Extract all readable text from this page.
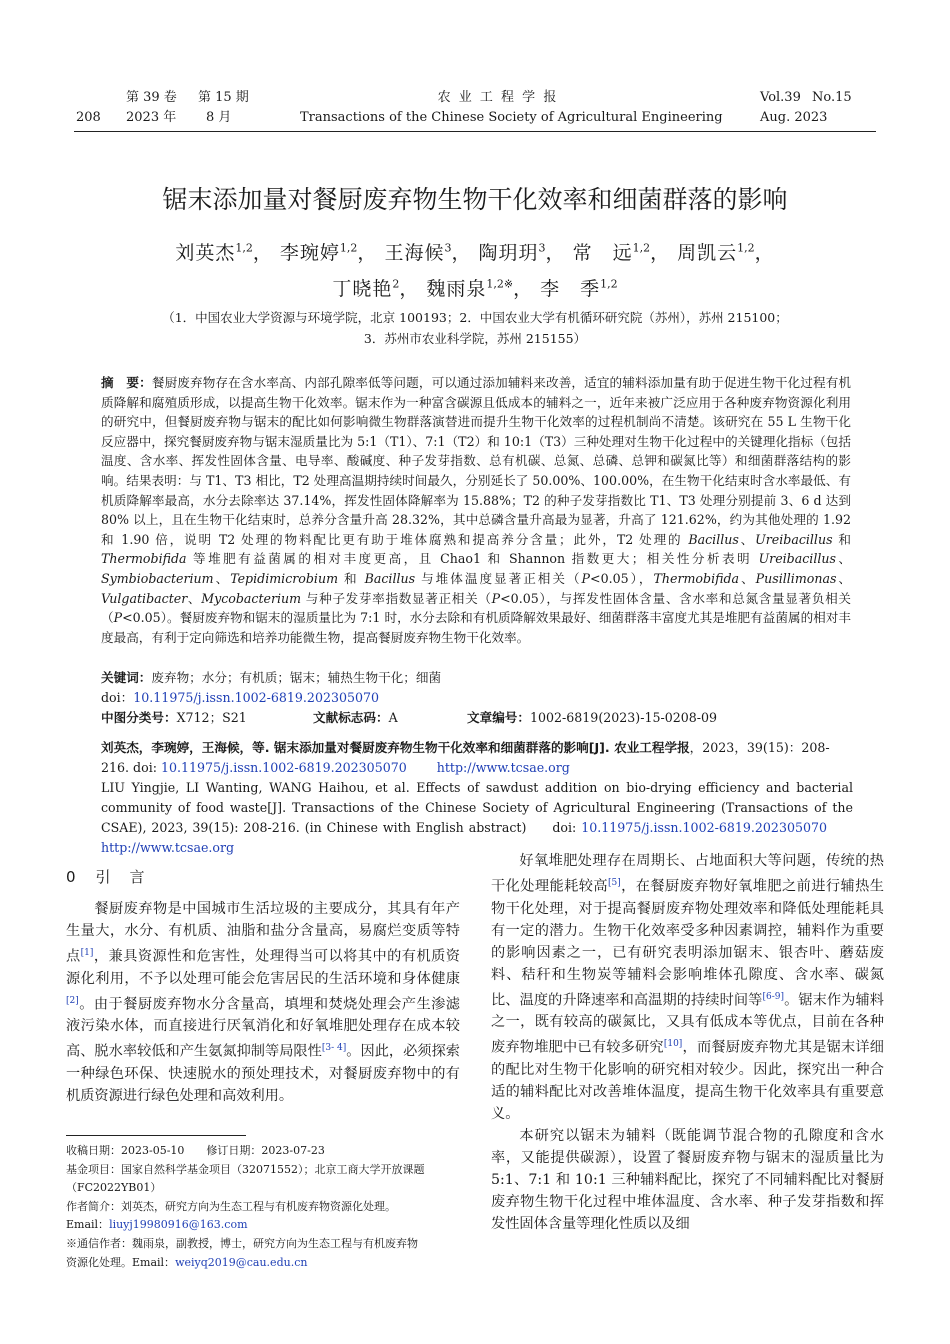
208
第 39 卷 第 15 期
2023 年 8 月
农 业 工 程 学 报
Transactions of the Chinese Society of Agricultural Engineering
Vol.39 No.15
Aug. 2023
锯末添加量对餐厨废弃物生物干化效率和细菌群落的影响
刘英杰$^{1,2}$， 李琬婷$^{1,2}$， 王海候$^3$， 陶玥玥$^3$， 常　远$^{1,2}$， 周凯云$^{1,2}$，
丁晓艳$^2$， 魏雨泉$^{1,2※}$， 李　季$^{1,2}$
（1．中国农业大学资源与环境学院，北京 100193；2．中国农业大学有机循环研究院（苏州），苏州 215100；
3．苏州市农业科学院，苏州 215155）
摘　要：餐厨废弃物存在含水率高、内部孔隙率低等问题，可以通过添加辅料来改善，适宜的辅料添加量有助于促进生物干化过程有机质降解和腐殖质形成，以提高生物干化效率。锯末作为一种富含碳源且低成本的辅料之一，近年来被广泛应用于各种废弃物资源化利用的研究中，但餐厨废弃物与锯末的配比如何影响微生物群落演替进而提升生物干化效率的过程机制尚不清楚。该研究在 55 L 生物干化反应器中，探究餐厨废弃物与锯末湿质量比为 5:1（T1）、7:1（T2）和 10:1（T3）三种处理对生物干化过程中的关键理化指标（包括温度、含水率、挥发性固体含量、电导率、酸碱度、种子发芽指数、总有机碳、总氮、总磷、总钾和碳氮比等）和细菌群落结构的影响。结果表明：与 T1、T3 相比，T2 处理高温期持续时间最久，分别延长了 50.00%、100.00%，在生物干化结束时含水率最低、有机质降解率最高，水分去除率达 37.14%，挥发性固体降解率为 15.88%；T2 的种子发芽指数比 T1、T3 处理分别提前 3、6 d 达到 80% 以上，且在生物干化结束时，总养分含量升高 28.32%，其中总磷含量升高最为显著，升高了 121.62%，约为其他处理的 1.92 和 1.90 倍，说明 T2 处理的物料配比更有助于堆体腐熟和提高养分含量；此外，T2 处理的 Bacillus、Ureibacillus 和 Thermobifida 等堆肥有益菌属的相对丰度更高，且 Chao1 和 Shannon 指数更大；相关性分析表明 Ureibacillus、Symbiobacterium、Tepidimicrobium 和 Bacillus 与堆体温度显著正相关（P<0.05），Thermobifida、Pusillimonas、Vulgatibacter、Mycobacterium 与种子发芽率指数显著正相关（P<0.05），与挥发性固体含量、含水率和总氮含量显著负相关（P<0.05）。餐厨废弃物和锯末的湿质量比为 7:1 时，水分去除和有机质降解效果最好、细菌群落丰富度尤其是堆肥有益菌属的相对丰度最高，有利于定向筛选和培养功能微生物，提高餐厨废弃物生物干化效率。
关键词：废弃物；水分；有机质；锯末；辅热生物干化；细菌
doi：10.11975/j.issn.1002-6819.202305070
中图分类号：X712；S21	文献标志码：A	文章编号：1002-6819(2023)-15-0208-09
刘英杰，李琬婷，王海候，等. 锯末添加量对餐厨废弃物生物干化效率和细菌群落的影响[J]. 农业工程学报，2023，39(15)：208-216. doi: 10.11975/j.issn.1002-6819.202305070 http://www.tcsae.org
LIU Yingjie, LI Wanting, WANG Haihou, et al. Effects of sawdust addition on bio-drying efficiency and bacterial community of food waste[J]. Transactions of the Chinese Society of Agricultural Engineering (Transactions of the CSAE), 2023, 39(15): 208-216. (in Chinese with English abstract) doi: 10.11975/j.issn.1002-6819.202305070http://www.tcsae.org
0 引　言

餐厨废弃物是中国城市生活垃圾的主要成分，其具有年产生量大，水分、有机质、油脂和盐分含量高，易腐烂变质等特点[1]，兼具资源性和危害性，处理得当可以将其中的有机质资源化利用，不予以处理可能会危害居民的生活环境和身体健康[2]。由于餐厨废弃物水分含量高，填埋和焚烧处理会产生渗滤液污染水体，而直接进行厌氧消化和好氧堆肥处理存在成本较高、脱水率较低和产生氨氮抑制等局限性[3- 4]。因此，必须探索一种绿色环保、快速脱水的预处理技术，对餐厨废弃物中的有机质资源进行绿色处理和高效利用。

好氧堆肥处理存在周期长、占地面积大等问题，传统的热干化处理能耗较高[5]，在餐厨废弃物好氧堆肥之前进行辅热生物干化处理，对于提高餐厨废弃物处理效率和降低处理能耗具有一定的潜力。生物干化效率受多种因素调控，辅料作为重要的影响因素之一，已有研究表明添加锯末、银杏叶、蘑菇废料、秸秆和生物炭等辅料会影响堆体孔隙度、含水率、碳氮比、温度的升降速率和高温期的持续时间等[6-9]。锯末作为辅料之一，既有较高的碳氮比，又具有低成本等优点，目前在各种废弃物堆肥中已有较多研究[10]，而餐厨废弃物尤其是锯末详细的配比对生物干化影响的研究相对较少。因此，探究出一种合适的辅料配比对改善堆体温度，提高生物干化效率具有重要意义。

本研究以锯末为辅料（既能调节混合物的孔隙度和含水率，又能提供碳源），设置了餐厨废弃物与锯末的湿质量比为 5:1、7:1 和 10:1 三种辅料配比，探究了不同辅料配比对餐厨废弃物生物干化过程中堆体温度、含水率、种子发芽指数和挥发性固体含量等理化性质以及细

收稿日期：2023-05-10 修订日期：2023-07-23
基金项目：国家自然科学基金项目（32071552）；北京工商大学开放课题
（FC2022YB01）
作者简介：刘英杰，研究方向为生态工程与有机废弃物资源化处理。
Email：liuyj19980916@163.com
※通信作者：魏雨泉，副教授，博士，研究方向为生态工程与有机废弃物
资源化处理。Email：weiyq2019@cau.edu.cn
